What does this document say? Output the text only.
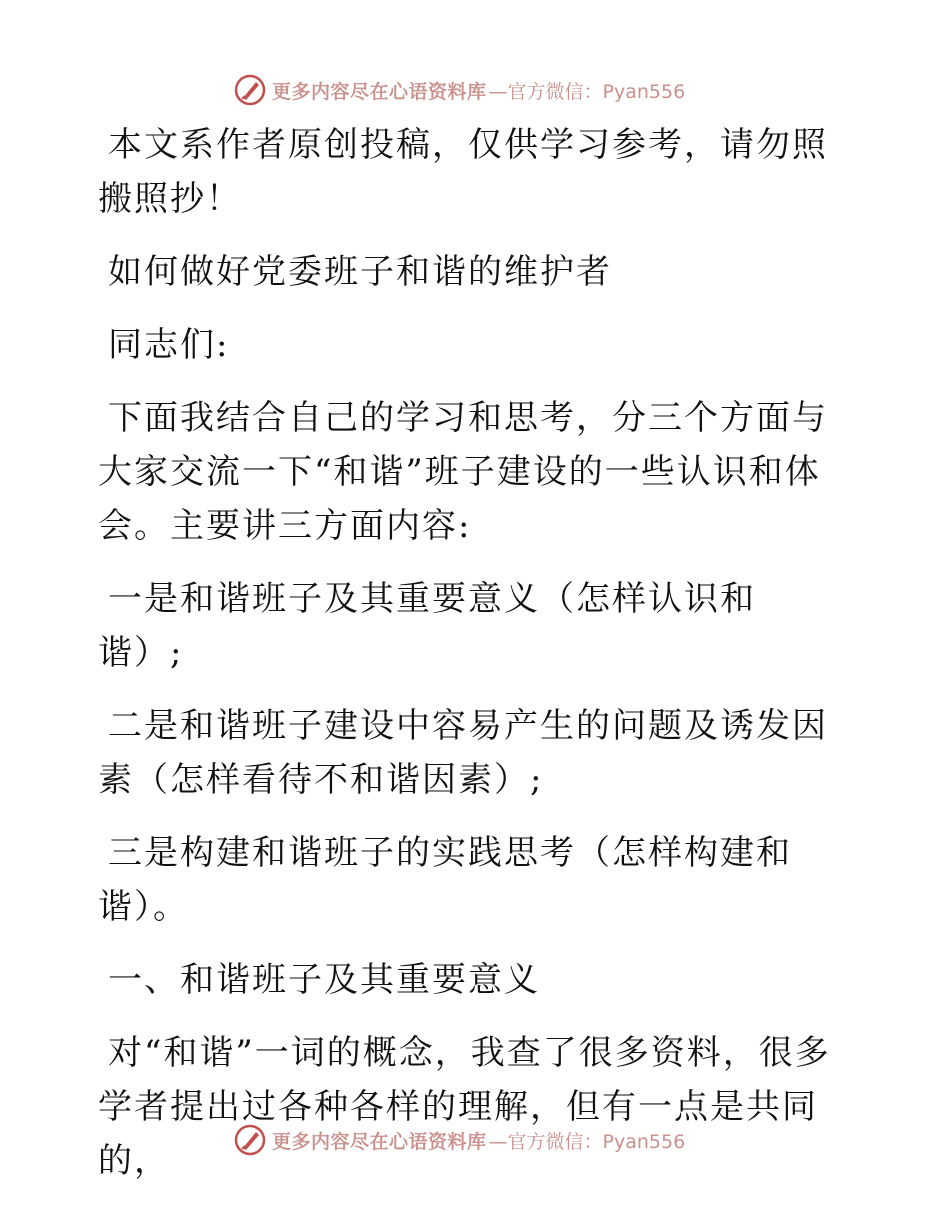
更多内容尽在心语资料库 —官方微信：Pyan556

本文系作者原创投稿，仅供学习参考，请勿照搬照抄！

如何做好党委班子和谐的维护者

同志们:

下面我结合自己的学习和思考，分三个方面与大家交流一下“和谐”班子建设的一些认识和体会。主要讲三方面内容:

一是和谐班子及其重要意义（怎样认识和谐）;

二是和谐班子建设中容易产生的问题及诱发因素（怎样看待不和谐因素）;

三是构建和谐班子的实践思考（怎样构建和谐）。

一、和谐班子及其重要意义

对“和谐”一词的概念，我查了很多资料，很多学者提出过各种各样的理解，但有一点是共同的，	更多内容尽在心语资料库 —官方微信：Pyan556
